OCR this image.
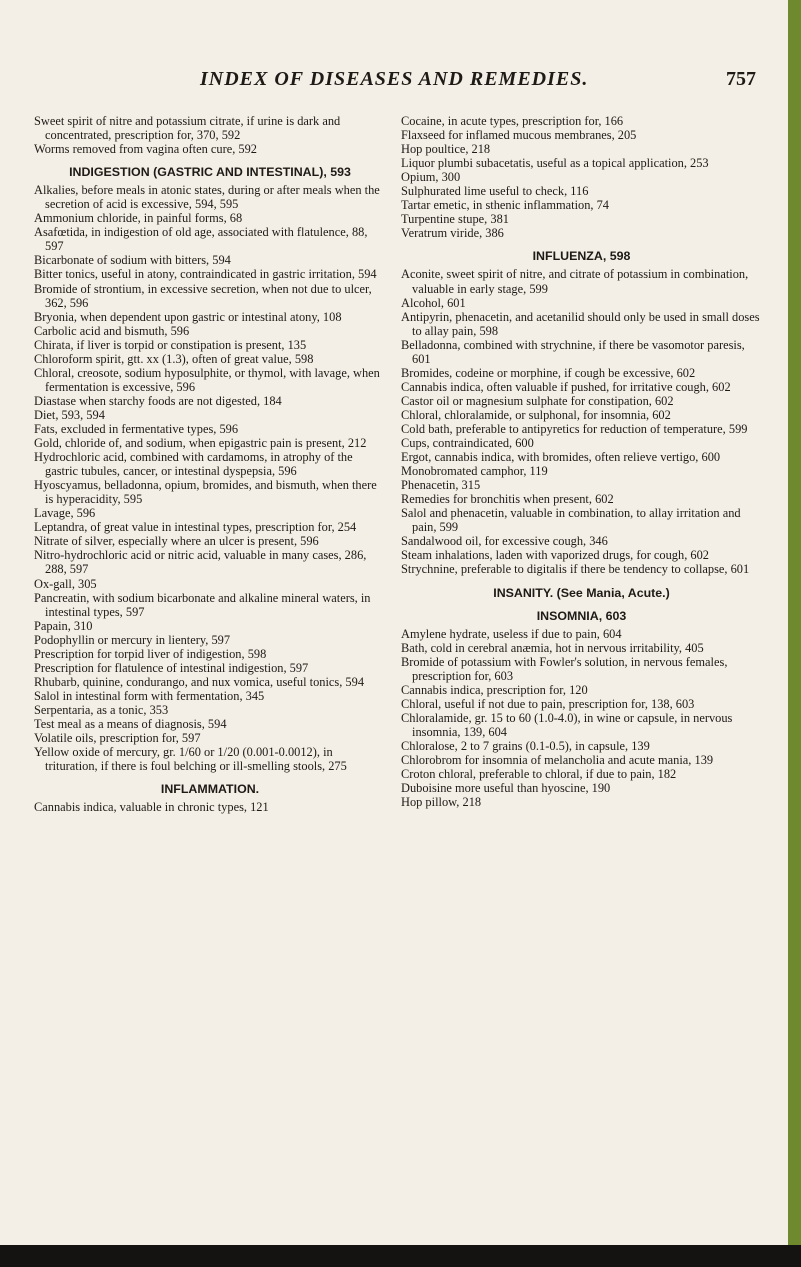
INDEX OF DISEASES AND REMEDIES.	757
Sweet spirit of nitre and potassium citrate, if urine is dark and concentrated, prescription for, 370, 592
Worms removed from vagina often cure, 592
INDIGESTION (GASTRIC AND INTESTINAL), 593
Alkalies, before meals in atonic states, during or after meals when the secretion of acid is excessive, 594, 595
Ammonium chloride, in painful forms, 68
Asafœtida, in indigestion of old age, associated with flatulence, 88, 597
Bicarbonate of sodium with bitters, 594
Bitter tonics, useful in atony, contraindicated in gastric irritation, 594
Bromide of strontium, in excessive secretion, when not due to ulcer, 362, 596
Bryonia, when dependent upon gastric or intestinal atony, 108
Carbolic acid and bismuth, 596
Chirata, if liver is torpid or constipation is present, 135
Chloroform spirit, gtt. xx (1.3), often of great value, 598
Chloral, creosote, sodium hyposulphite, or thymol, with lavage, when fermentation is excessive, 596
Diastase when starchy foods are not digested, 184
Diet, 593, 594
Fats, excluded in fermentative types, 596
Gold, chloride of, and sodium, when epigastric pain is present, 212
Hydrochloric acid, combined with cardamoms, in atrophy of the gastric tubules, cancer, or intestinal dyspepsia, 596
Hyoscyamus, belladonna, opium, bromides, and bismuth, when there is hyperacidity, 595
Lavage, 596
Leptandra, of great value in intestinal types, prescription for, 254
Nitrate of silver, especially where an ulcer is present, 596
Nitro-hydrochloric acid or nitric acid, valuable in many cases, 286, 288, 597
Ox-gall, 305
Pancreatin, with sodium bicarbonate and alkaline mineral waters, in intestinal types, 597
Papain, 310
Podophyllin or mercury in lientery, 597
Prescription for torpid liver of indigestion, 598
Prescription for flatulence of intestinal indigestion, 597
Rhubarb, quinine, condurango, and nux vomica, useful tonics, 594
Salol in intestinal form with fermentation, 345
Serpentaria, as a tonic, 353
Test meal as a means of diagnosis, 594
Volatile oils, prescription for, 597
Yellow oxide of mercury, gr. 1/60 or 1/20 (0.001-0.0012), in trituration, if there is foul belching or ill-smelling stools, 275
INFLAMMATION.
Cannabis indica, valuable in chronic types, 121
Cocaine, in acute types, prescription for, 166
Flaxseed for inflamed mucous membranes, 205
Hop poultice, 218
Liquor plumbi subacetatis, useful as a topical application, 253
Opium, 300
Sulphurated lime useful to check, 116
Tartar emetic, in sthenic inflammation, 74
Turpentine stupe, 381
Veratrum viride, 386
INFLUENZA, 598
Aconite, sweet spirit of nitre, and citrate of potassium in combination, valuable in early stage, 599
Alcohol, 601
Antipyrin, phenacetin, and acetanilid should only be used in small doses to allay pain, 598
Belladonna, combined with strychnine, if there be vasomotor paresis, 601
Bromides, codeine or morphine, if cough be excessive, 602
Cannabis indica, often valuable if pushed, for irritative cough, 602
Castor oil or magnesium sulphate for constipation, 602
Chloral, chloralamide, or sulphonal, for insomnia, 602
Cold bath, preferable to antipyretics for reduction of temperature, 599
Cups, contraindicated, 600
Ergot, cannabis indica, with bromides, often relieve vertigo, 600
Monobromated camphor, 119
Phenacetin, 315
Remedies for bronchitis when present, 602
Salol and phenacetin, valuable in combination, to allay irritation and pain, 599
Sandalwood oil, for excessive cough, 346
Steam inhalations, laden with vaporized drugs, for cough, 602
Strychnine, preferable to digitalis if there be tendency to collapse, 601
INSANITY. (See Mania, Acute.)
INSOMNIA, 603
Amylene hydrate, useless if due to pain, 604
Bath, cold in cerebral anæmia, hot in nervous irritability, 405
Bromide of potassium with Fowler's solution, in nervous females, prescription for, 603
Cannabis indica, prescription for, 120
Chloral, useful if not due to pain, prescription for, 138, 603
Chloralamide, gr. 15 to 60 (1.0-4.0), in wine or capsule, in nervous insomnia, 139, 604
Chloralose, 2 to 7 grains (0.1-0.5), in capsule, 139
Chlorobrom for insomnia of melancholia and acute mania, 139
Croton chloral, preferable to chloral, if due to pain, 182
Duboisine more useful than hyoscine, 190
Hop pillow, 218
